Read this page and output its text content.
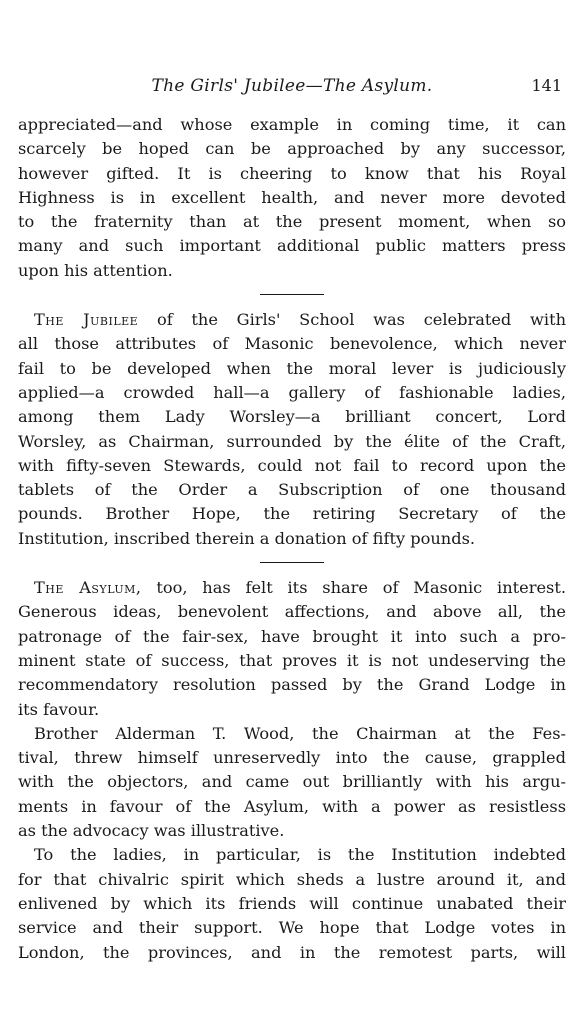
The Girls' Jubilee—The Asylum.	141
appreciated—and whose example in coming time, it can
scarcely be hoped can be approached by any successor,
however gifted. It is cheering to know that his Royal
Highness is in excellent health, and never more devoted
to the fraternity than at the present moment, when so
many and such important additional public matters press
upon his attention.
The Jubilee of the Girls' School was celebrated with
all those attributes of Masonic benevolence, which never
fail to be developed when the moral lever is judiciously
applied—a crowded hall—a gallery of fashionable ladies,
among them Lady Worsley—a brilliant concert, Lord
Worsley, as Chairman, surrounded by the élite of the Craft,
with fifty-seven Stewards, could not fail to record upon the
tablets of the Order a Subscription of one thousand
pounds. Brother Hope, the retiring Secretary of the
Institution, inscribed therein a donation of fifty pounds.
The Asylum, too, has felt its share of Masonic interest.
Generous ideas, benevolent affections, and above all, the
patronage of the fair-sex, have brought it into such a pro-
minent state of success, that proves it is not undeserving the
recommendatory resolution passed by the Grand Lodge in
its favour.
Brother Alderman T. Wood, the Chairman at the Fes-
tival, threw himself unreservedly into the cause, grappled
with the objectors, and came out brilliantly with his argu-
ments in favour of the Asylum, with a power as resistless
as the advocacy was illustrative.
To the ladies, in particular, is the Institution indebted
for that chivalric spirit which sheds a lustre around it, and
enlivened by which its friends will continue unabated their
service and their support. We hope that Lodge votes in
London, the provinces, and in the remotest parts, will
